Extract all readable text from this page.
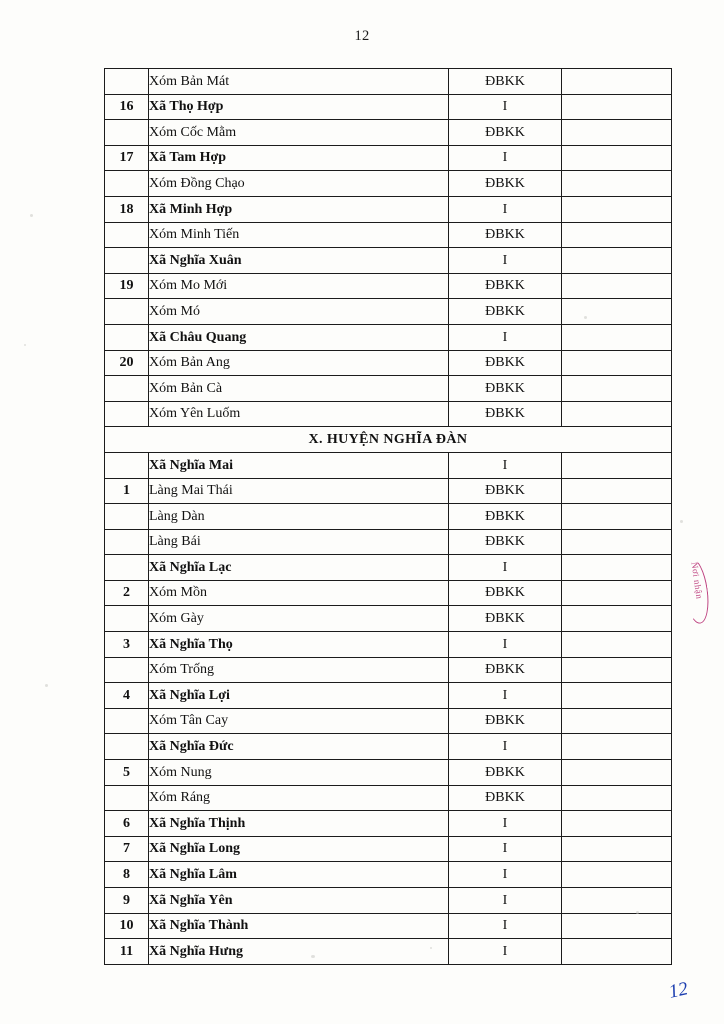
12
	Xóm Bản Mát	ĐBKK	
16	Xã Thọ Hợp	I	
	Xóm Cốc Mằm	ĐBKK	
17	Xã Tam Hợp	I	
	Xóm Đồng Chạo	ĐBKK	
18	Xã Minh Hợp	I	
	Xóm Minh Tiến	ĐBKK	
	Xã Nghĩa Xuân	I	
19	Xóm Mo Mới	ĐBKK	
	Xóm Mó	ĐBKK	
	Xã Châu Quang	I	
20	Xóm Bản Ang	ĐBKK	
	Xóm Bản Cà	ĐBKK	
	Xóm Yên Luốm	ĐBKK	
X. HUYỆN NGHĨA ĐÀN			
	Xã Nghĩa Mai	I	
1	Làng Mai Thái	ĐBKK	
	Làng Dàn	ĐBKK	
	Làng Bái	ĐBKK	
	Xã Nghĩa Lạc	I	
2	Xóm Mồn	ĐBKK	
	Xóm Gày	ĐBKK	
3	Xã Nghĩa Thọ	I	
	Xóm Trống	ĐBKK	
4	Xã Nghĩa Lợi	I	
	Xóm Tân Cay	ĐBKK	
	Xã Nghĩa Đức	I	
5	Xóm Nung	ĐBKK	
	Xóm Ráng	ĐBKK	
6	Xã Nghĩa Thịnh	I	
7	Xã Nghĩa Long	I	
8	Xã Nghĩa Lâm	I	
9	Xã Nghĩa Yên	I	
10	Xã Nghĩa Thành	I	
11	Xã Nghĩa Hưng	I	
Nơi nhận
12
